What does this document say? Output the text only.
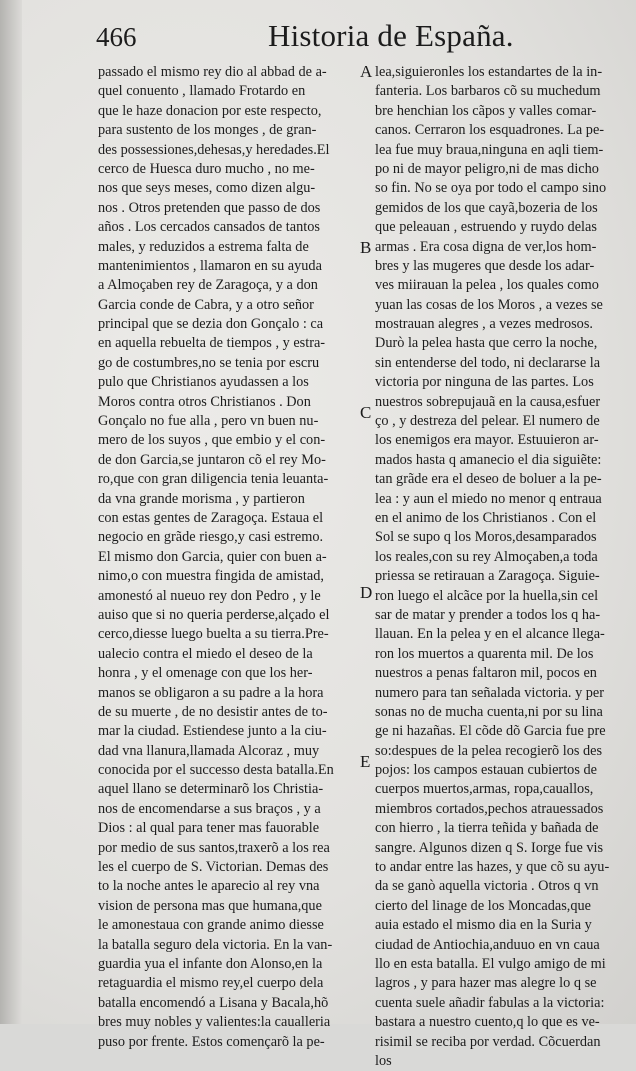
466	Historia de España.
passado el mismo rey dio al abbad de a-
quel conuento , llamado Frotardo en
que le haze donacion por este respecto,
para sustento de los monges , de gran-
des possessiones,dehesas,y heredades.El
cerco de Huesca duro mucho , no me-
nos que seys meses, como dizen algu-
nos . Otros pretenden que passo de dos
años . Los cercados cansados de tantos
males, y reduzidos a estrema falta de
mantenimientos , llamaron en su ayuda
a Almoçaben rey de Zaragoça, y a don
Garcia conde de Cabra, y a otro señor
principal que se dezia don Gonçalo : ca
en aquella rebuelta de tiempos , y estra-
go de costumbres,no se tenia por escru
pulo que Christianos ayudassen a los
Moros contra otros Christianos . Don
Gonçalo no fue alla , pero vn buen nu-
mero de los suyos , que embio y el con-
de don Garcia,se juntaron cõ el rey Mo-
ro,que con gran diligencia tenia leuanta-
da vna grande morisma , y partieron
con estas gentes de Zaragoça. Estaua el
negocio en grãde riesgo,y casi estremo.
El mismo don Garcia, quier con buen a-
nimo,o con muestra fingida de amistad,
amonestó al nueuo rey don Pedro , y le
auiso que si no queria perderse,alçado el
cerco,diesse luego buelta a su tierra.Pre-
ualecio contra el miedo el deseo de la
honra , y el omenage con que los her-
manos se obligaron a su padre a la hora
de su muerte , de no desistir antes de to-
mar la ciudad. Estiendese junto a la ciu-
dad vna llanura,llamada Alcoraz , muy
conocida por el successo desta batalla.En
aquel llano se determinarõ los Christia-
nos de encomendarse a sus braços , y a
Dios : al qual para tener mas fauorable
por medio de sus santos,traxerõ a los rea
les el cuerpo de S. Victorian. Demas des
to la noche antes le aparecio al rey vna
vision de persona mas que humana,que
le amonestaua con grande animo diesse
la batalla seguro dela victoria. En la van-
guardia yua el infante don Alonso,en la
retaguardia el mismo rey,el cuerpo dela
batalla encomendó a Lisana y Bacala,hõ
bres muy nobles y valientes:la caualleria
puso por frente. Estos començarõ la pe-
A
B
C
D
E
lea,siguieronles los estandartes de la in-
fanteria. Los barbaros cõ su muchedum
bre henchian los cãpos y valles comar-
canos. Cerraron los esquadrones. La pe-
lea fue muy braua,ninguna en aqli tiem-
po ni de mayor peligro,ni de mas dicho
so fin. No se oya por todo el campo sino
gemidos de los que cayã,bozeria de los
que peleauan , estruendo y ruydo delas
armas . Era cosa digna de ver,los hom-
bres y las mugeres que desde los adar-
ves miirauan la pelea , los quales como
yuan las cosas de los Moros , a vezes se
mostrauan alegres , a vezes medrosos.
Durò la pelea hasta que cerro la noche,
sin entenderse del todo, ni declararse la
victoria por ninguna de las partes. Los
nuestros sobrepujauã en la causa,esfuer
ço , y destreza del pelear. El numero de
los enemigos era mayor. Estuuieron ar-
mados hasta q amanecio el dia siguiẽte:
tan grãde era el deseo de boluer a la pe-
lea : y aun el miedo no menor q entraua
en el animo de los Christianos . Con el
Sol se supo q los Moros,desamparados
los reales,con su rey Almoçaben,a toda
priessa se retirauan a Zaragoça. Siguie-
ron luego el alcãce por la huella,sin cel
sar de matar y prender a todos los q ha-
llauan. En la pelea y en el alcance llega-
ron los muertos a quarenta mil. De los
nuestros a penas faltaron mil, pocos en
numero para tan señalada victoria. y per
sonas no de mucha cuenta,ni por su lina
ge ni hazañas. El cõde dõ Garcia fue pre
so:despues de la pelea recogierõ los des
pojos: los campos estauan cubiertos de
cuerpos muertos,armas, ropa,cauallos,
miembros cortados,pechos atrauessados
con hierro , la tierra teñida y bañada de
sangre. Algunos dizen q S. Iorge fue vis
to andar entre las hazes, y que cõ su ayu-
da se ganò aquella victoria . Otros q vn
cierto del linage de los Moncadas,que
auia estado el mismo dia en la Suria y
ciudad de Antiochia,anduuo en vn caua
llo en esta batalla. El vulgo amigo de mi
lagros , y para hazer mas alegre lo q se
cuenta suele añadir fabulas a la victoria:
bastara a nuestro cuento,q lo que es ve-
risimil se reciba por verdad. Cõcuerdan
los
